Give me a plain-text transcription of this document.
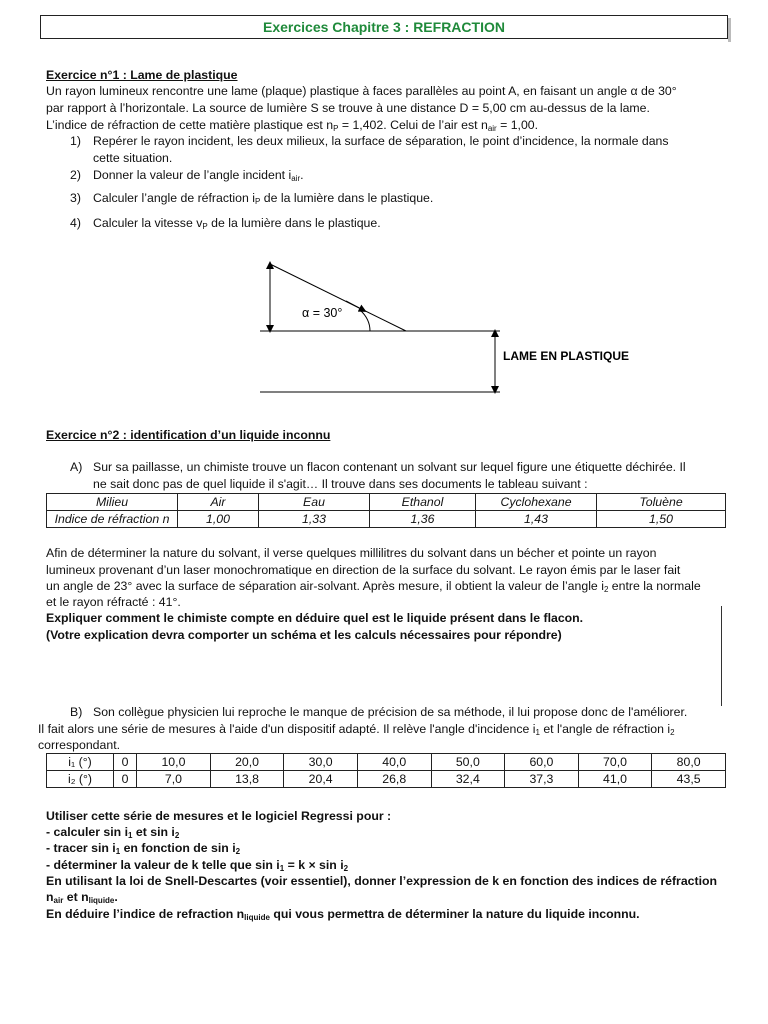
Exercices Chapitre 3 : REFRACTION
Exercice n°1 : Lame de plastique
Un rayon lumineux rencontre une lame (plaque) plastique à faces parallèles au point A, en faisant un angle α de 30°
par rapport à l’horizontale. La source de lumière S se trouve à une distance D = 5,00 cm au-dessus de la lame.
L’indice de réfraction de cette matière plastique est $n_P = 1,402$. Celui de l’air est $n_{air} = 1,00$.
1) Repérer le rayon incident, les deux milieux, la surface de séparation, le point d’incidence, la normale dans
cette situation.
2) Donner la valeur de l’angle incident $i_{air}$.
3) Calculer l’angle de réfraction $i_P$ de la lumière dans le plastique.
4) Calculer la vitesse $v_P$ de la lumière dans le plastique.
α = 30°
LAME EN PLASTIQUE
Exercice n°2 : identification d’un liquide inconnu
A) Sur sa paillasse, un chimiste trouve un flacon contenant un solvant sur lequel figure une étiquette déchirée. Il
ne sait donc pas de quel liquide il s'agit… Il trouve dans ses documents le tableau suivant :
Milieu	Air	Eau	Ethanol	Cyclohexane	Toluène
Indice de réfraction n	1,00	1,33	1,36	1,43	1,50
Afin de déterminer la nature du solvant, il verse quelques millilitres du solvant dans un bécher et pointe un rayon
lumineux provenant d’un laser monochromatique en direction de la surface du solvant. Le rayon émis par le laser fait
un angle de 23° avec la surface de séparation air-solvant. Après mesure, il obtient la valeur de l’angle $i_2$ entre la normale
et le rayon réfracté : 41°.
Expliquer comment le chimiste compte en déduire quel est le liquide présent dans le flacon.
(Votre explication devra comporter un schéma et les calculs nécessaires pour répondre)
B) Son collègue physicien lui reproche le manque de précision de sa méthode, il lui propose donc de l'améliorer.
Il fait alors une série de mesures à l'aide d'un dispositif adapté. Il relève l'angle d'incidence $i_1$ et l'angle de réfraction $i_2$
correspondant.
i₁ (°)	0	10,0	20,0	30,0	40,0	50,0	60,0	70,0	80,0
i₂ (°)	0	7,0	13,8	20,4	26,8	32,4	37,3	41,0	43,5
Utiliser cette série de mesures et le logiciel Regressi pour :
- calculer $\sin i_1$ et $\sin i_2$
- tracer $\sin i_1$ en fonction de $\sin i_2$
- déterminer la valeur de k telle que $\sin i_1 = k \times \sin i_2$
En utilisant la loi de Snell-Descartes (voir essentiel), donner l’expression de k en fonction des indices de réfraction
$n_{air}$ et $n_{liquide}$.
En déduire l’indice de refraction $n_{liquide}$ qui vous permettra de déterminer la nature du liquide inconnu.
